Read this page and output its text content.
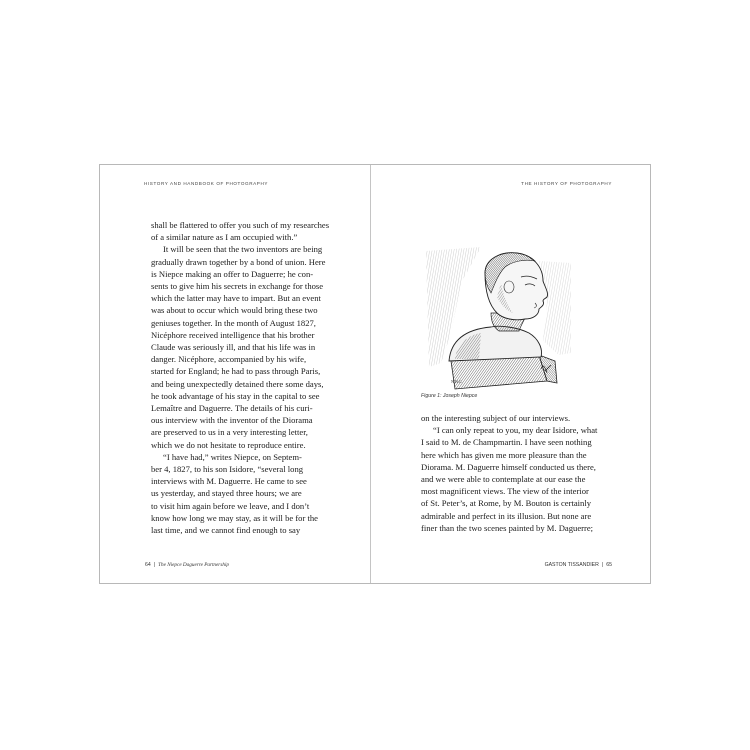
HISTORY AND HANDBOOK OF PHOTOGRAPHY
shall be flattered to offer you such of my researches
of a similar nature as I am occupied with.”
It will be seen that the two inventors are being
gradually drawn together by a bond of union. Here
is Niepce making an offer to Daguerre; he con-
sents to give him his secrets in exchange for those
which the latter may have to impart. But an event
was about to occur which would bring these two
geniuses together. In the month of August 1827,
Nicéphore received intelligence that his brother
Claude was seriously ill, and that his life was in
danger. Nicéphore, accompanied by his wife,
started for England; he had to pass through Paris,
and being unexpectedly detained there some days,
he took advantage of his stay in the capital to see
Lemaître and Daguerre. The details of his curi-
ous interview with the inventor of the Diorama
are preserved to us in a very interesting letter,
which we do not hesitate to reproduce entire.
“I have had,” writes Niepce, on Septem-
ber 4, 1827, to his son Isidore, “several long
interviews with M. Daguerre. He came to see
us yesterday, and stayed three hours; we are
to visit him again before we leave, and I don’t
know how long we may stay, as it will be for the
last time, and we cannot find enough to say
64 | The Niepce Daguerre Partnership
THE HISTORY OF PHOTOGRAPHY
N.H.C.
Figure 1: Joseph Niepce
on the interesting subject of our interviews.
“I can only repeat to you, my dear Isidore, what
I said to M. de Champmartin. I have seen nothing
here which has given me more pleasure than the
Diorama. M. Daguerre himself conducted us there,
and we were able to contemplate at our ease the
most magnificent views. The view of the interior
of St. Peter’s, at Rome, by M. Bouton is certainly
admirable and perfect in its illusion. But none are
finer than the two scenes painted by M. Daguerre;
GASTON TISSANDIER | 65
